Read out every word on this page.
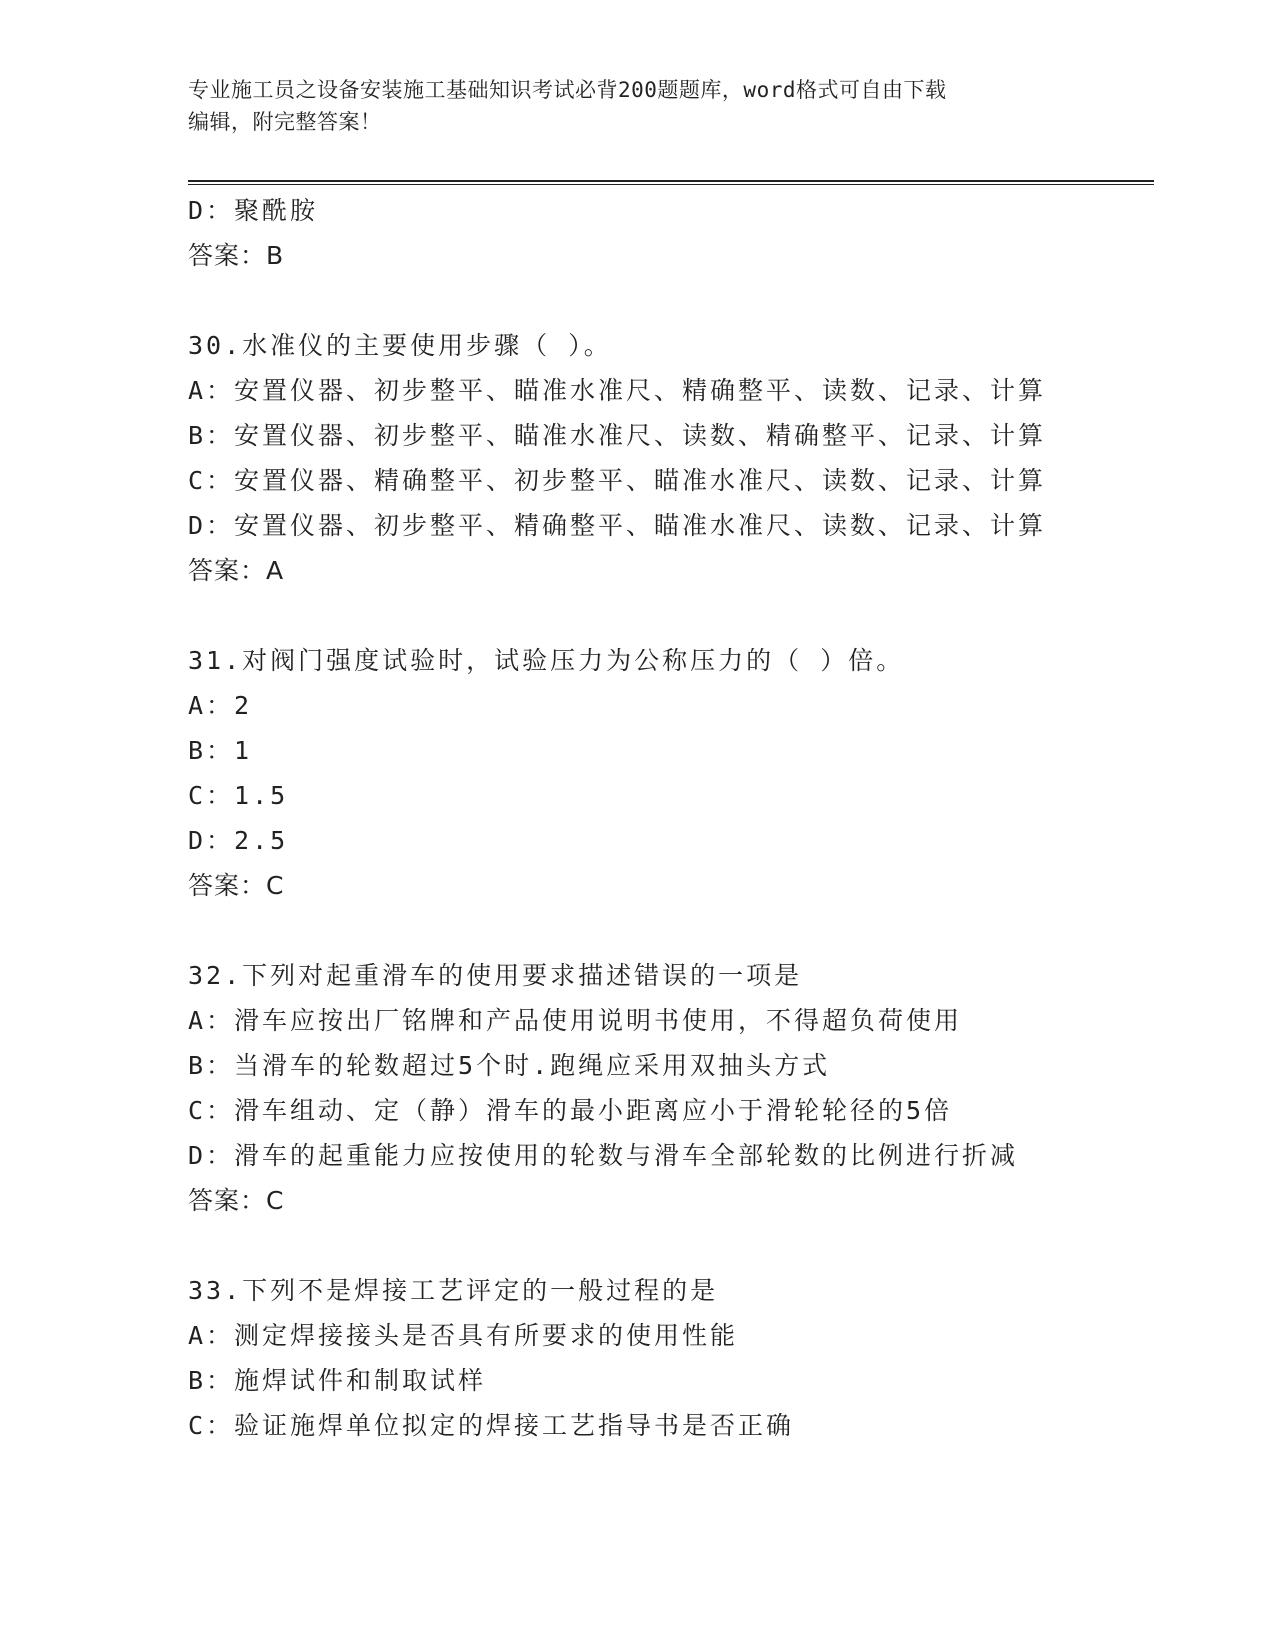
专业施工员之设备安装施工基础知识考试必背200题题库，word格式可自由下载
编辑，附完整答案！
D：聚酰胺
答案：B
30.水准仪的主要使用步骤（ ）。
A：安置仪器、初步整平、瞄准水准尺、精确整平、读数、记录、计算
B：安置仪器、初步整平、瞄准水准尺、读数、精确整平、记录、计算
C：安置仪器、精确整平、初步整平、瞄准水准尺、读数、记录、计算
D：安置仪器、初步整平、精确整平、瞄准水准尺、读数、记录、计算
答案：A
31.对阀门强度试验时，试验压力为公称压力的（ ）倍。
A：2
B：1
C：1.5
D：2.5
答案：C
32.下列对起重滑车的使用要求描述错误的一项是
A：滑车应按出厂铭牌和产品使用说明书使用，不得超负荷使用
B：当滑车的轮数超过5个时.跑绳应采用双抽头方式
C：滑车组动、定（静）滑车的最小距离应小于滑轮轮径的5倍
D：滑车的起重能力应按使用的轮数与滑车全部轮数的比例进行折减
答案：C
33.下列不是焊接工艺评定的一般过程的是
A：测定焊接接头是否具有所要求的使用性能
B：施焊试件和制取试样
C：验证施焊单位拟定的焊接工艺指导书是否正确
